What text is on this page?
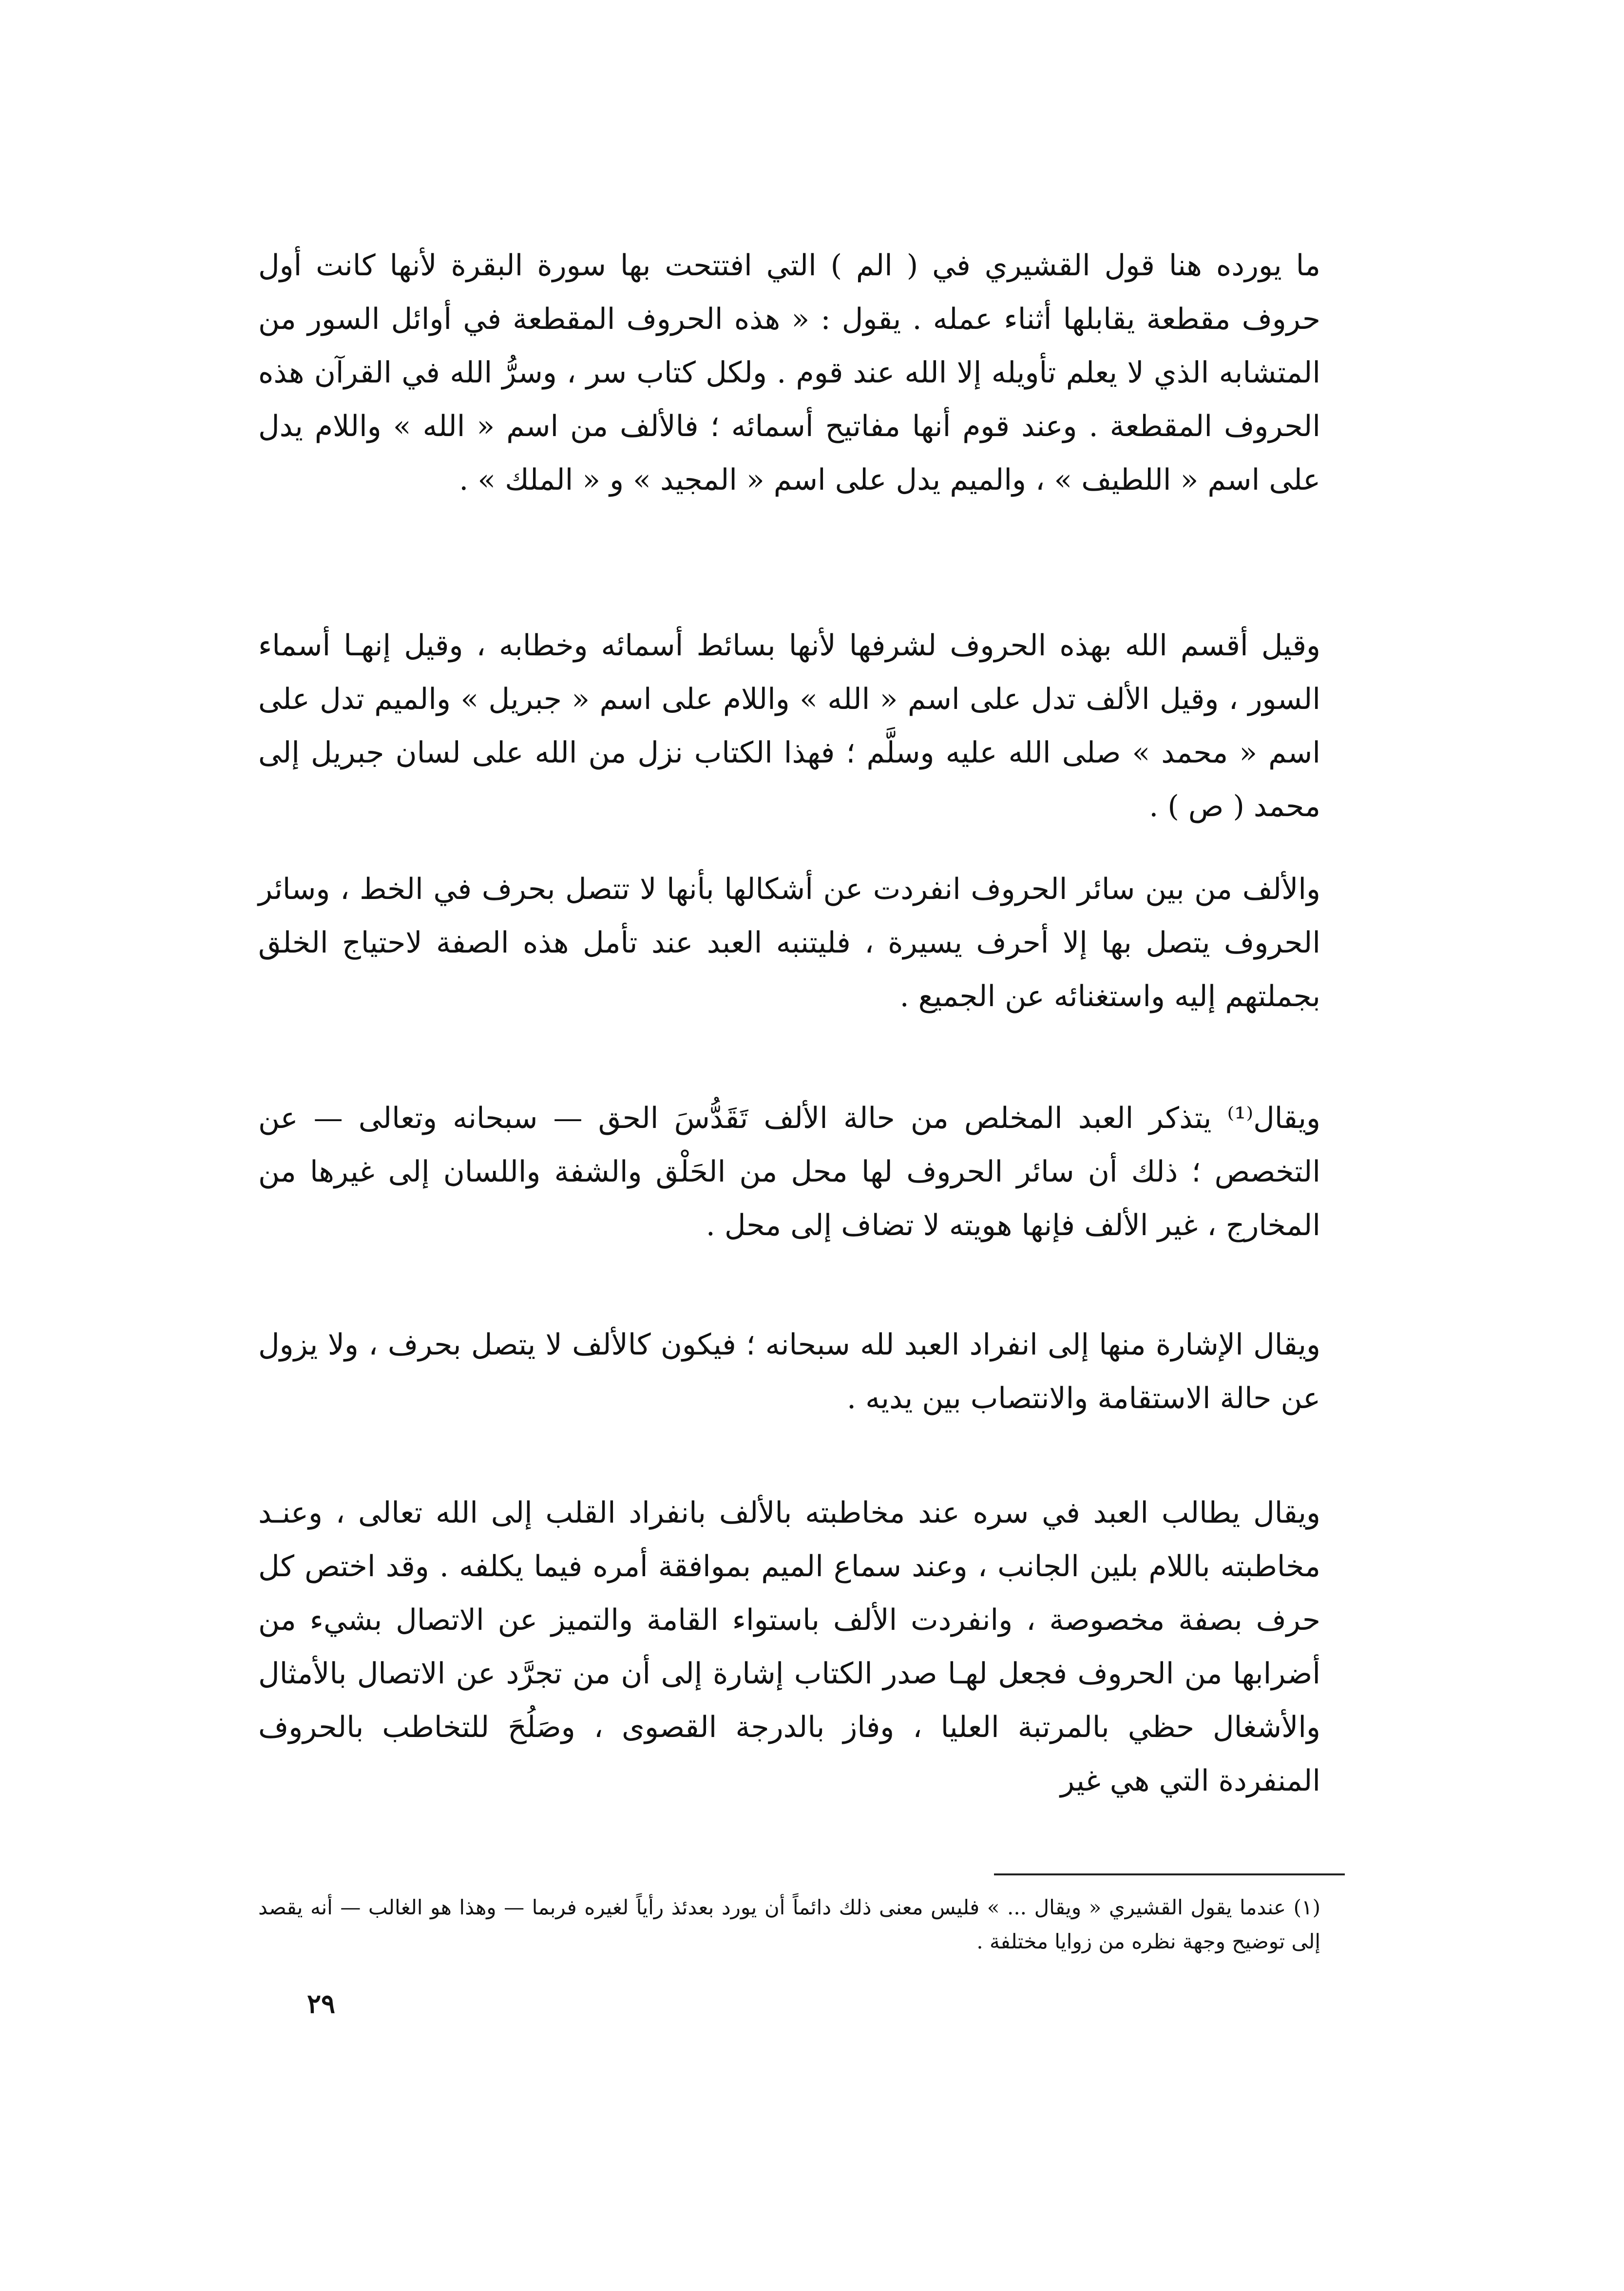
ما يورده هنا قول القشيري في ( الم ) التي افتتحت بها سورة البقرة لأنها كانت أول حروف مقطعة يقابلها أثناء عمله . يقول : « هذه الحروف المقطعة في أوائل السور من المتشابه الذي لا يعلم تأويله إلا الله عند قوم . ولكل كتاب سر ، وسرُّ الله في القرآن هذه الحروف المقطعة . وعند قوم أنها مفاتيح أسمائه ؛ فالألف من اسم « الله » واللام يدل على اسم « اللطيف » ، والميم يدل على اسم « المجيد » و « الملك » .

وقيل أقسم الله بهذه الحروف لشرفها لأنها بسائط أسمائه وخطابه ، وقيل إنهـا أسماء السور ، وقيل الألف تدل على اسم « الله » واللام على اسم « جبريل » والميم تدل على اسم « محمد » صلى الله عليه وسلَّم ؛ فهذا الكتاب نزل من الله على لسان جبريل إلى محمد ( ص ) .

والألف من بين سائر الحروف انفردت عن أشكالها بأنها لا تتصل بحرف في الخط ، وسائر الحروف يتصل بها إلا أحرف يسيرة ، فليتنبه العبد عند تأمل هذه الصفة لاحتياج الخلق بجملتهم إليه واستغنائه عن الجميع .

ويقال⁽¹⁾ يتذكر العبد المخلص من حالة الألف تَقَدُّسَ الحق — سبحانه وتعالى — عن التخصص ؛ ذلك أن سائر الحروف لها محل من الحَلْق والشفة واللسان إلى غيرها من المخارج ، غير الألف فإنها هويته لا تضاف إلى محل .

ويقال الإشارة منها إلى انفراد العبد لله سبحانه ؛ فيكون كالألف لا يتصل بحرف ، ولا يزول عن حالة الاستقامة والانتصاب بين يديه .

ويقال يطالب العبد في سره عند مخاطبته بالألف بانفراد القلب إلى الله تعالى ، وعنـد مخاطبته باللام بلين الجانب ، وعند سماع الميم بموافقة أمره فيما يكلفه . وقد اختص كل حرف بصفة مخصوصة ، وانفردت الألف باستواء القامة والتميز عن الاتصال بشيء من أضرابها من الحروف فجعل لهـا صدر الكتاب إشارة إلى أن من تجرَّد عن الاتصال بالأمثال والأشغال حظي بالمرتبة العليا ، وفاز بالدرجة القصوى ، وصَلُحَ للتخاطب بالحروف المنفردة التي هي غير

(١) عندما يقول القشيري « ويقال ... » فليس معنى ذلك دائماً أن يورد بعدئذ رأياً لغيره فربما — وهذا هو الغالب — أنه يقصد إلى توضيح وجهة نظره من زوايا مختلفة .

٢٩
